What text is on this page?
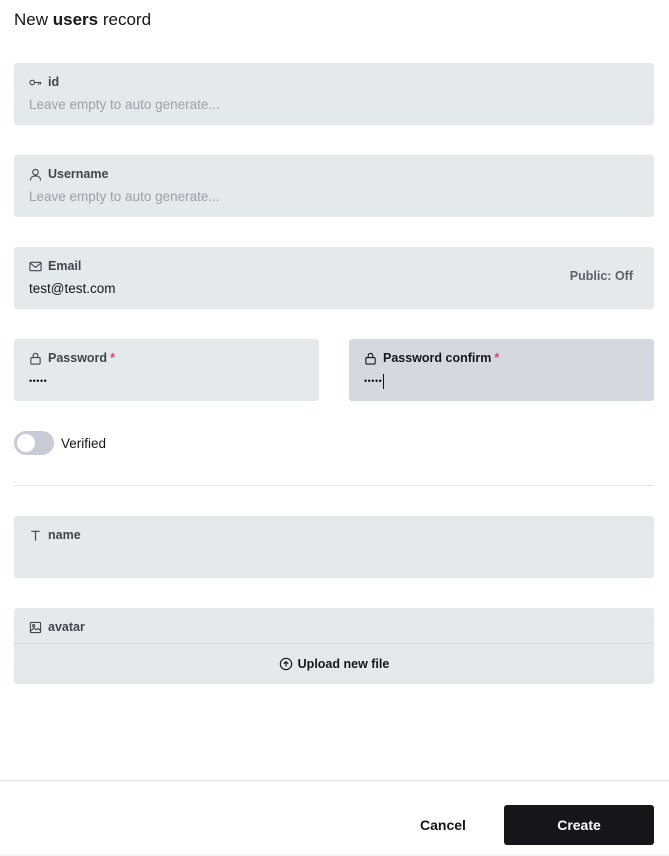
New users record
id
Leave empty to auto generate...
Username
Leave empty to auto generate...
Email
test@test.com
Public: Off
Password *
•••••
Password confirm *
•••••
Verified
name
avatar
Upload new file
Cancel	Create
